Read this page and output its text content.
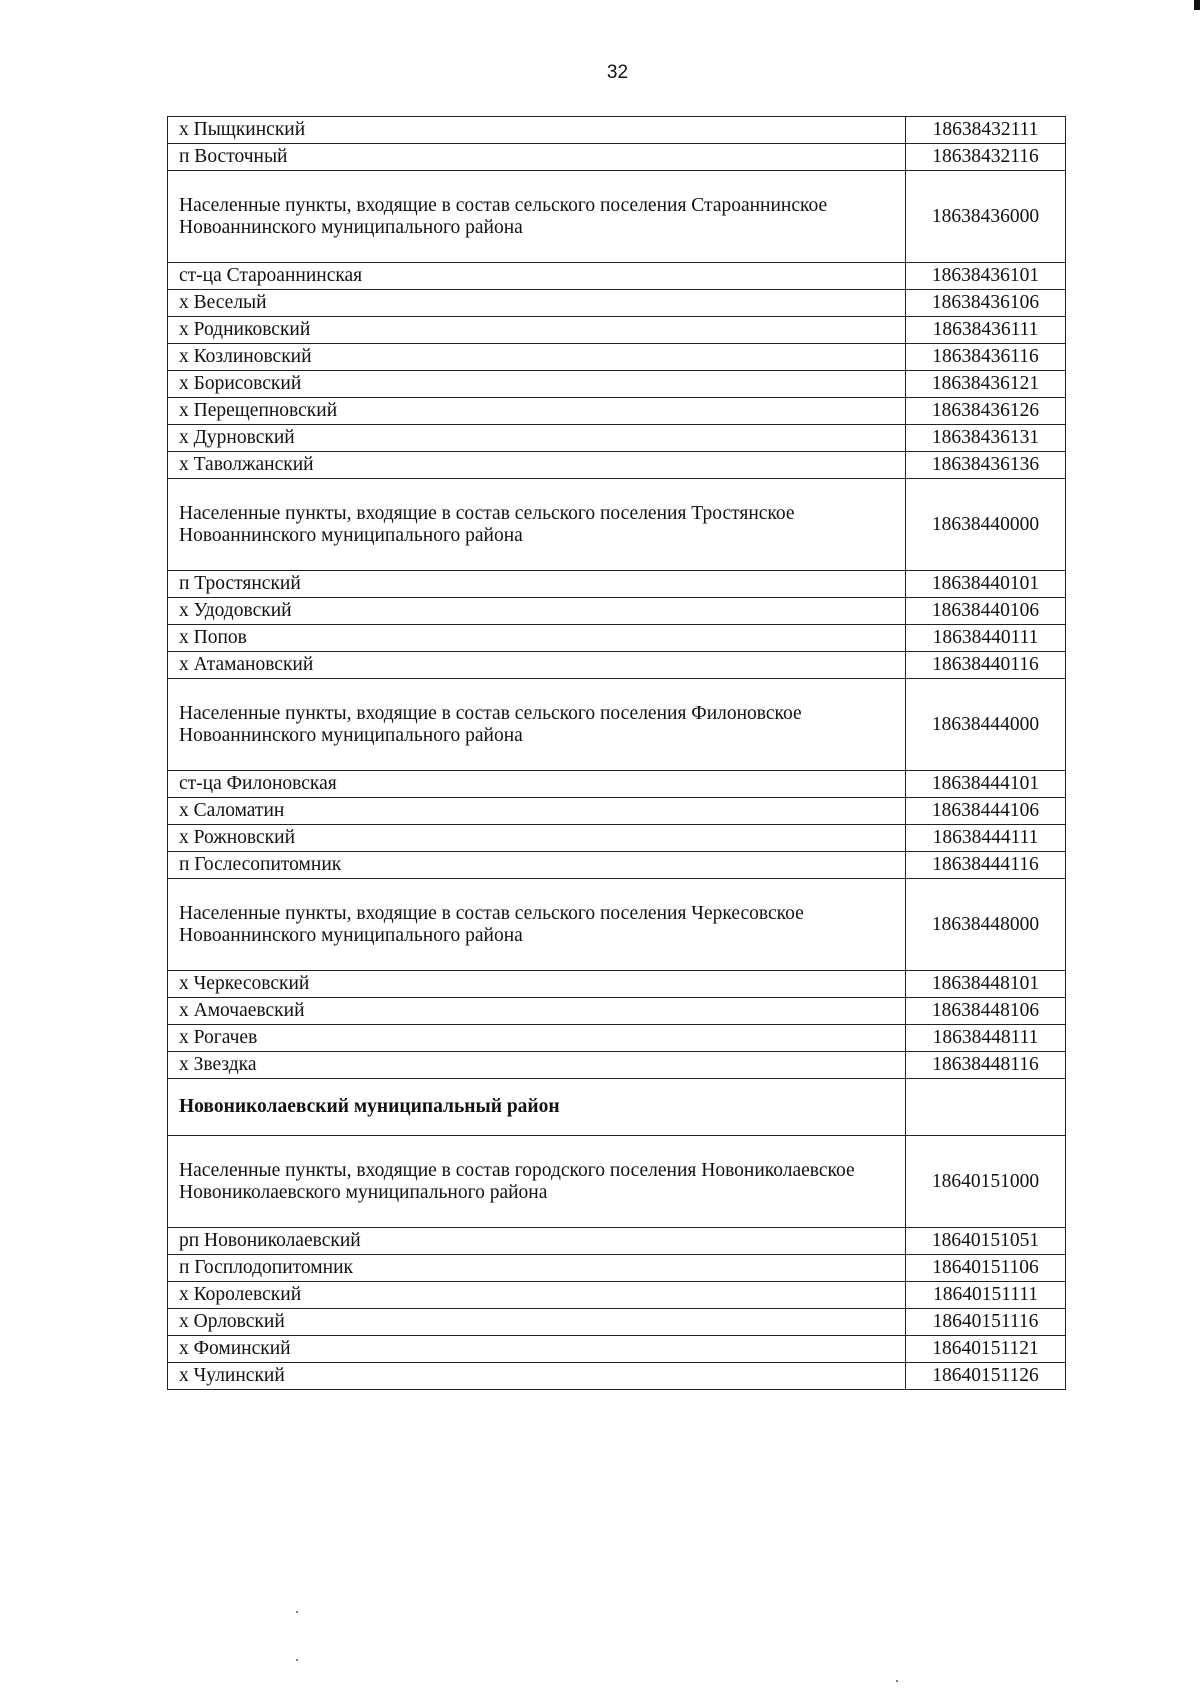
32
х Пыщкинский	18638432111
п Восточный	18638432116
Населенные пункты, входящие в состав сельского поселения Староаннинское Новоаннинского муниципального района	18638436000
ст-ца Староаннинская	18638436101
х Веселый	18638436106
х Родниковский	18638436111
х Козлиновский	18638436116
х Борисовский	18638436121
х Перещепновский	18638436126
х Дурновский	18638436131
х Таволжанский	18638436136
Населенные пункты, входящие в состав сельского поселения Тростянское Новоаннинского муниципального района	18638440000
п Тростянский	18638440101
х Удодовский	18638440106
х Попов	18638440111
х Атамановский	18638440116
Населенные пункты, входящие в состав сельского поселения Филоновское Новоаннинского муниципального района	18638444000
ст-ца Филоновская	18638444101
х Саломатин	18638444106
х Рожновский	18638444111
п Гослесопитомник	18638444116
Населенные пункты, входящие в состав сельского поселения Черкесовское Новоаннинского муниципального района	18638448000
х Черкесовский	18638448101
х Амочаевский	18638448106
х Рогачев	18638448111
х Звездка	18638448116
Новониколаевский муниципальный район	
Населенные пункты, входящие в состав городского поселения Новониколаевское Новониколаевского муниципального района	18640151000
рп Новониколаевский	18640151051
п Госплодопитомник	18640151106
х Королевский	18640151111
х Орловский	18640151116
х Фоминский	18640151121
х Чулинский	18640151126
